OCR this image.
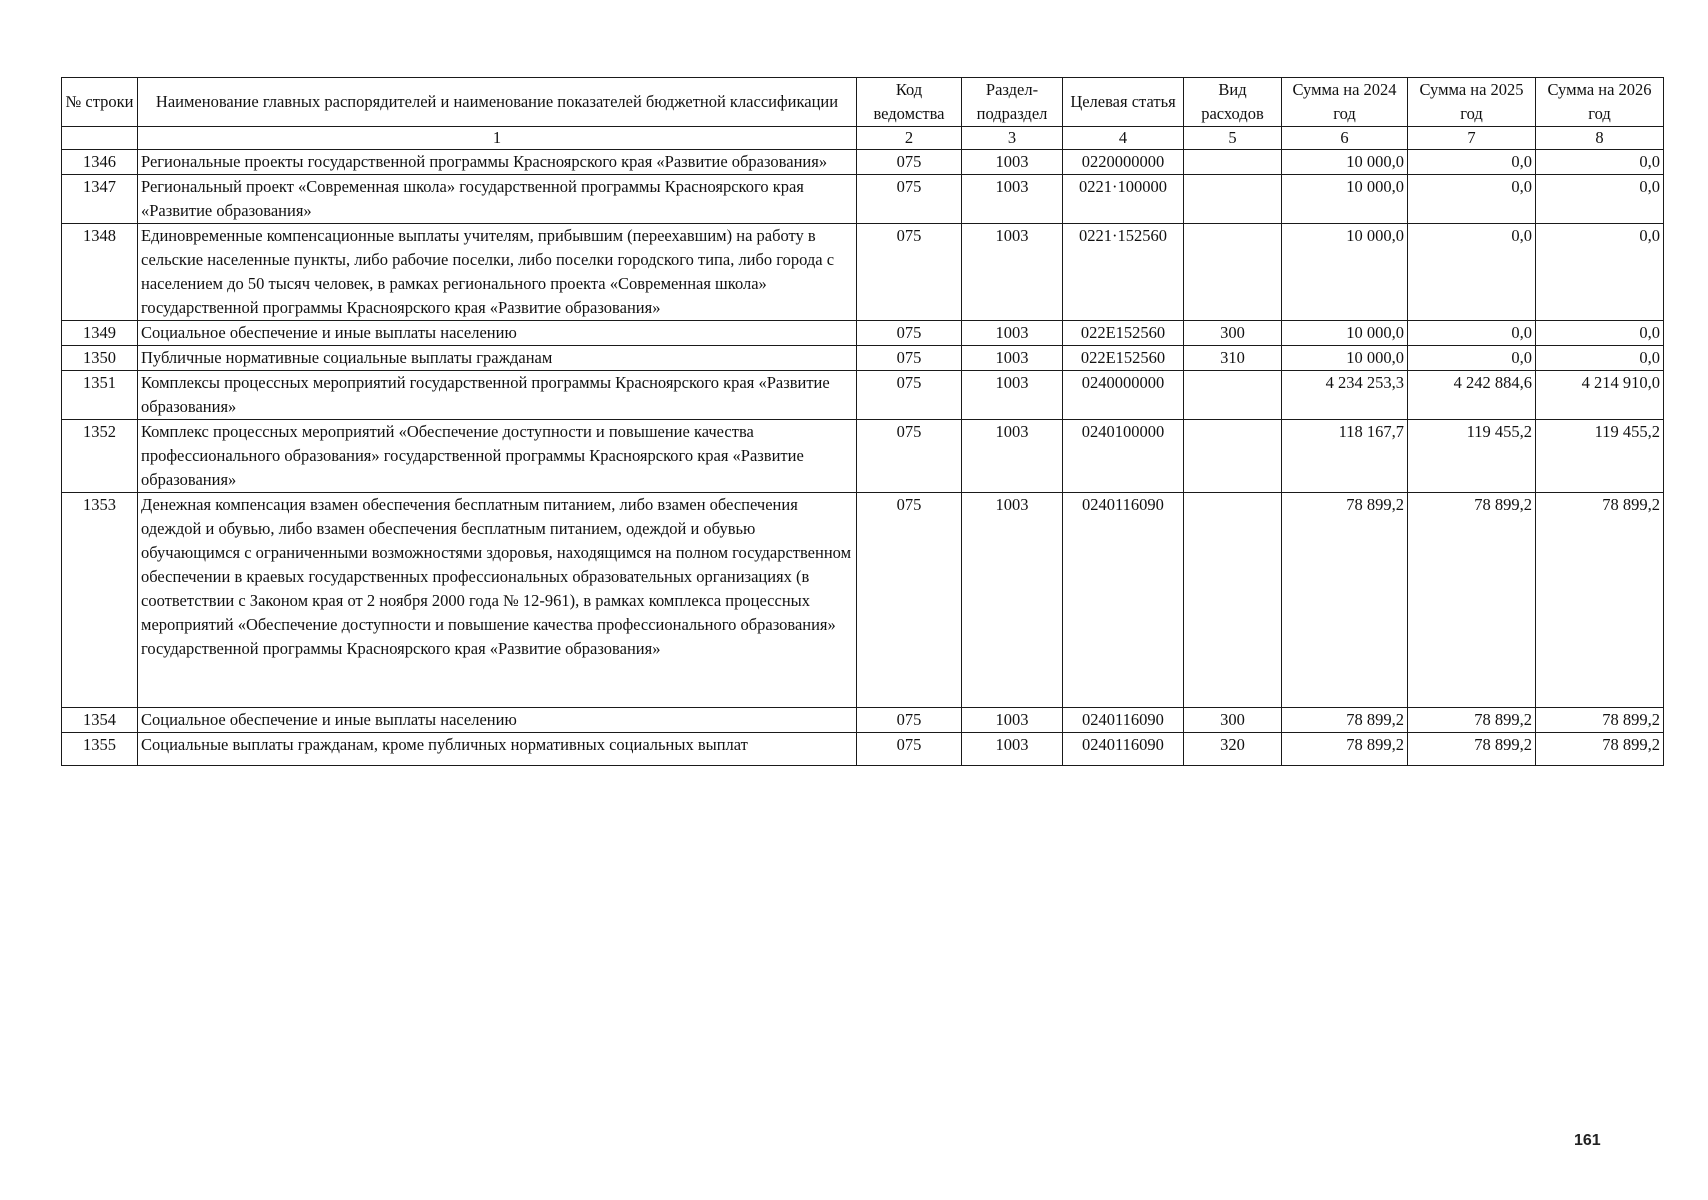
№ строки	Наименование главных распорядителей и наименование показателей бюджетной классификации	Код ведомства	Раздел-подраздел	Целевая статья	Вид расходов	Сумма на 2024 год	Сумма на 2025 год	Сумма на 2026 год
	1	2	3	4	5	6	7	8
1346	Региональные проекты государственной программы Красноярского края «Развитие образования»	075	1003	0220000000		10 000,0	0,0	0,0
1347	Региональный проект «Современная школа» государственной программы Красноярского края «Развитие образования»	075	1003	0221·100000		10 000,0	0,0	0,0
1348	Единовременные компенсационные выплаты учителям, прибывшим (переехавшим) на работу в сельские населенные пункты, либо рабочие поселки, либо поселки городского типа, либо города с населением до 50 тысяч человек, в рамках регионального проекта «Современная школа» государственной программы Красноярского края «Развитие образования»	075	1003	0221·152560		10 000,0	0,0	0,0
1349	Социальное обеспечение и иные выплаты населению	075	1003	022Е152560	300	10 000,0	0,0	0,0
1350	Публичные нормативные социальные выплаты гражданам	075	1003	022Е152560	310	10 000,0	0,0	0,0
1351	Комплексы процессных мероприятий государственной программы Красноярского края «Развитие образования»	075	1003	0240000000		4 234 253,3	4 242 884,6	4 214 910,0
1352	Комплекс процессных мероприятий «Обеспечение доступности и повышение качества профессионального образования» государственной программы Красноярского края «Развитие образования»	075	1003	0240100000		118 167,7	119 455,2	119 455,2
1353	Денежная компенсация взамен обеспечения бесплатным питанием, либо взамен обеспечения одеждой и обувью, либо взамен обеспечения бесплатным питанием, одеждой и обувью обучающимся с ограниченными возможностями здоровья, находящимся на полном государственном обеспечении в краевых государственных профессиональных образовательных организациях (в соответствии с Законом края от 2 ноября 2000 года № 12-961), в рамках комплекса процессных мероприятий «Обеспечение доступности и повышение качества профессионального образования» государственной программы Красноярского края «Развитие образования»	075	1003	0240116090		78 899,2	78 899,2	78 899,2
1354	Социальное обеспечение и иные выплаты населению	075	1003	0240116090	300	78 899,2	78 899,2	78 899,2
1355	Социальные выплаты гражданам, кроме публичных нормативных социальных выплат	075	1003	0240116090	320	78 899,2	78 899,2	78 899,2
161
